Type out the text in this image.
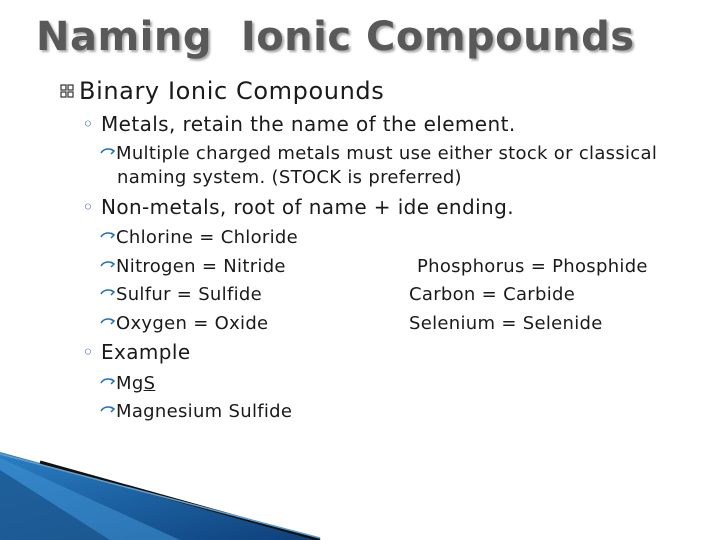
Naming  Ionic Compounds
Binary Ionic Compounds
◦ Metals, retain the name of the element.
Multiple charged metals must use either stock or classical
naming system. (STOCK is preferred)
◦ Non-metals, root of name + ide ending.
Chlorine = Chloride
Nitrogen = Nitride
Sulfur = Sulfide
Oxygen = Oxide
Phosphorus = Phosphide
Carbon = Carbide
Selenium = Selenide
◦ Example
MgS
Magnesium Sulfide
